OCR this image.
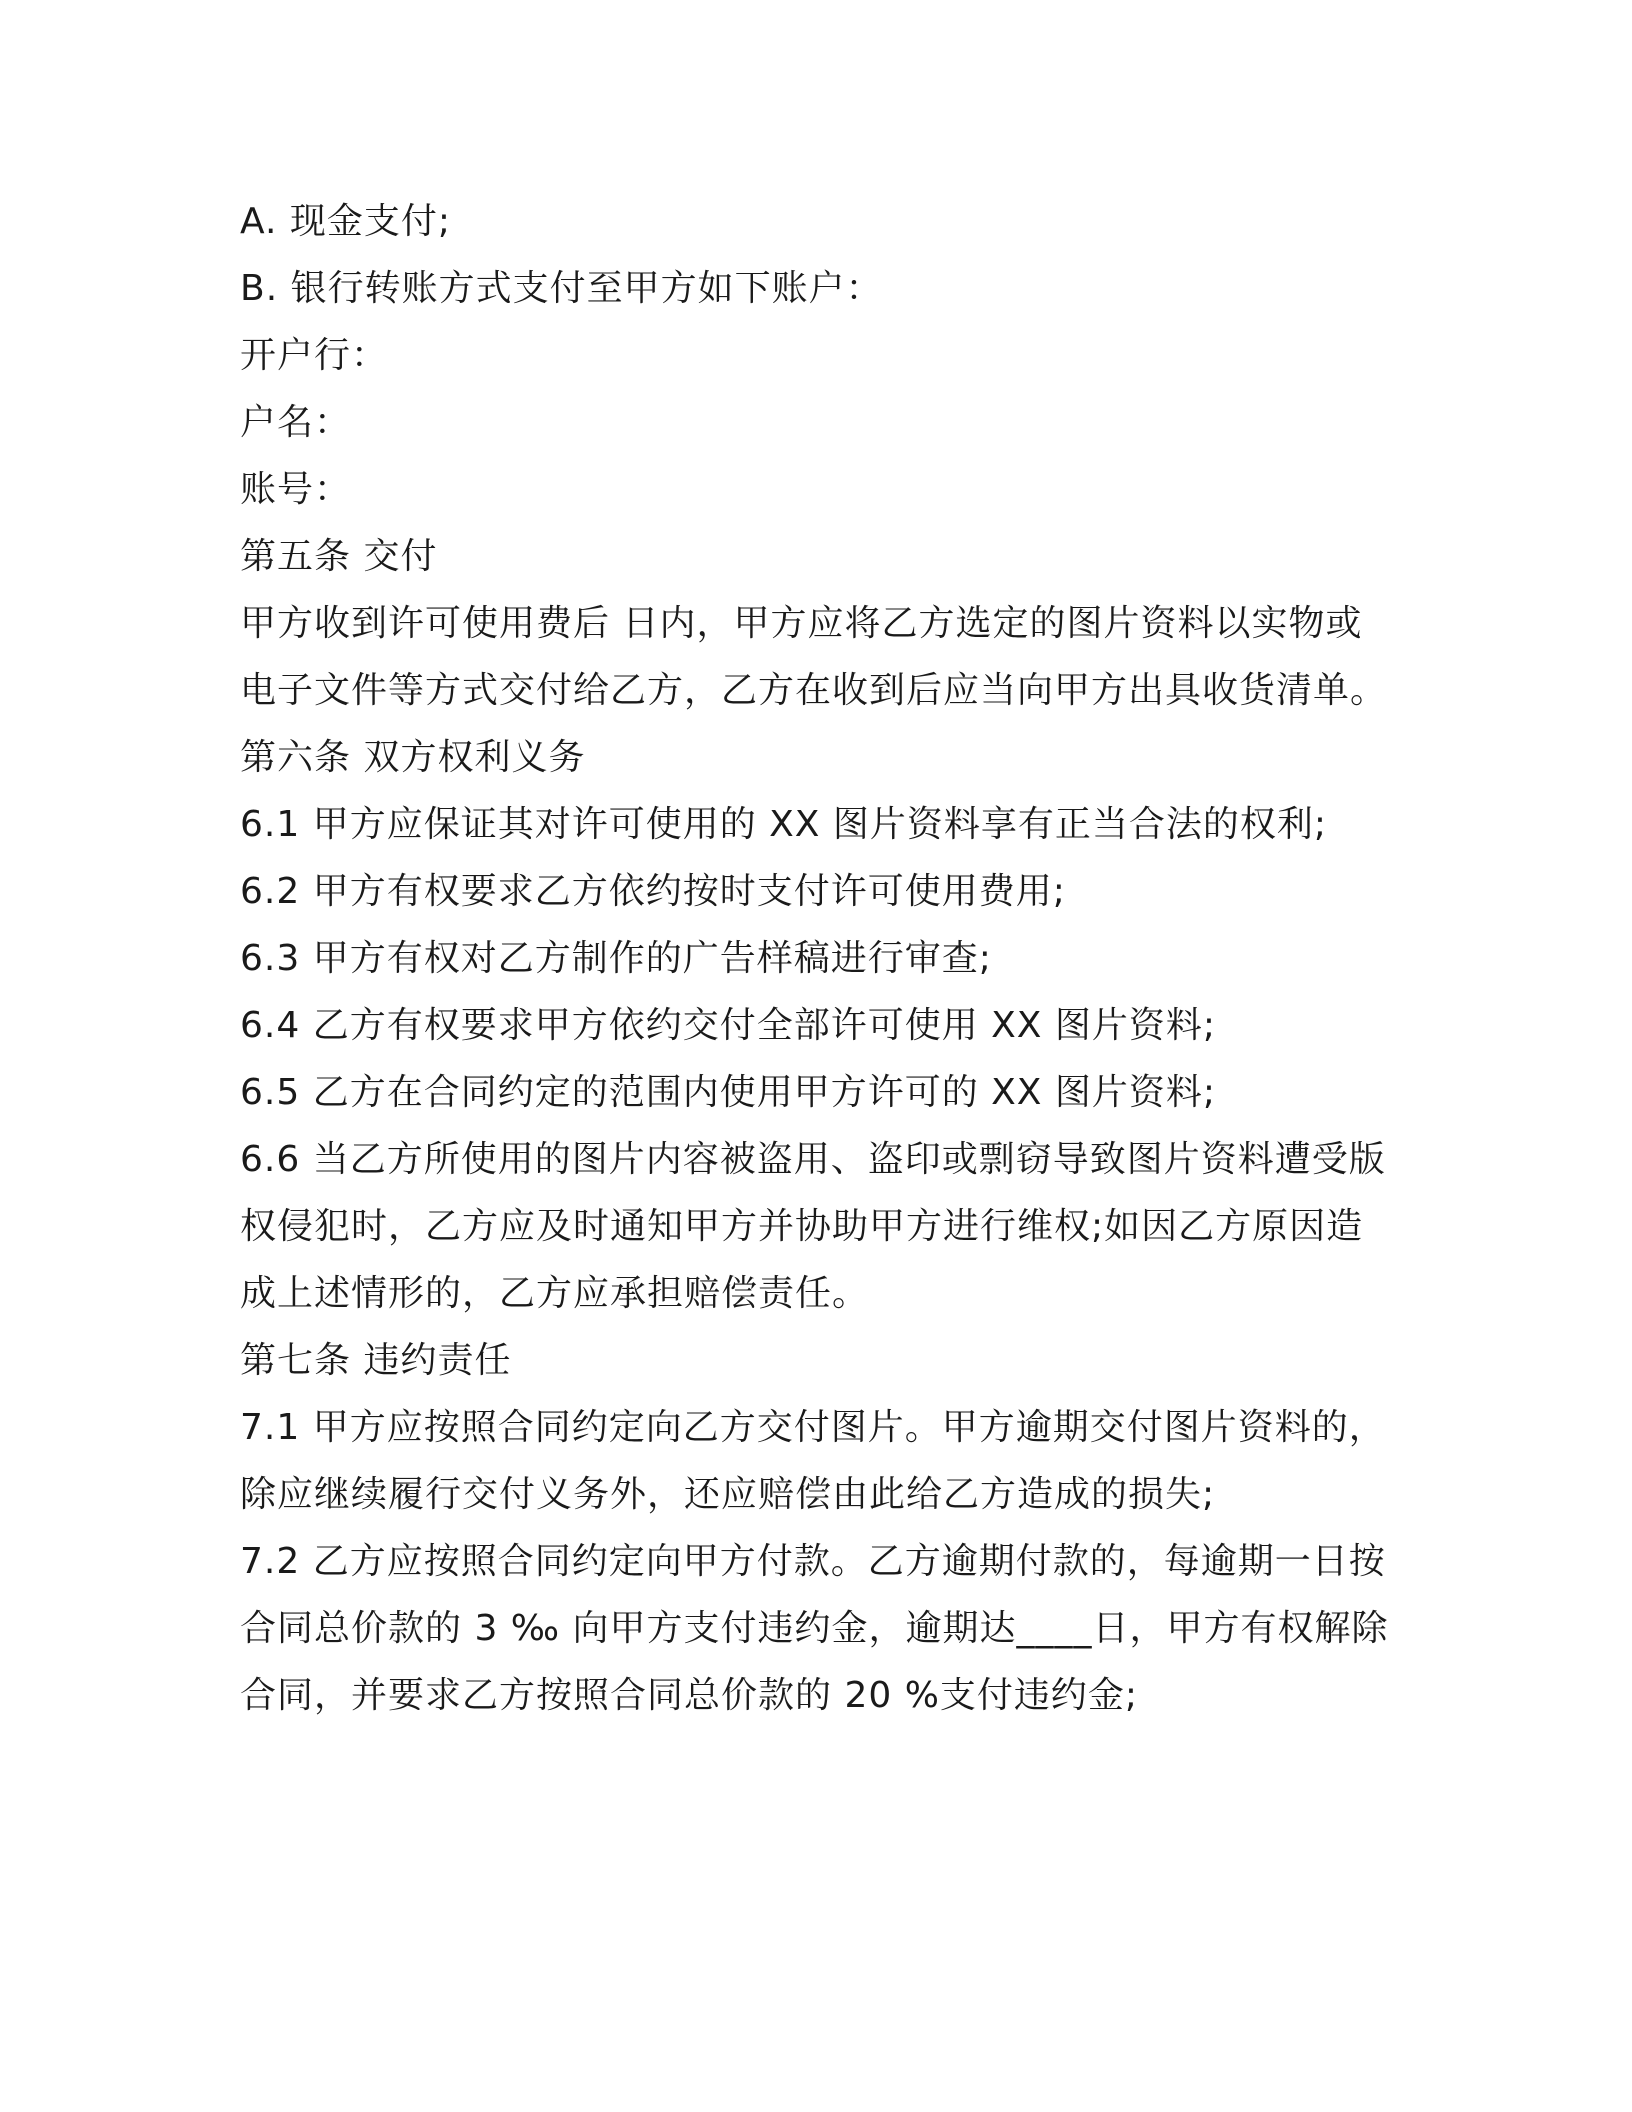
A. 现金支付;
B. 银行转账方式支付至甲方如下账户：
开户行：
户名：
账号：
第五条 交付
甲方收到许可使用费后 日内，甲方应将乙方选定的图片资料以实物或
电子文件等方式交付给乙方，乙方在收到后应当向甲方出具收货清单。
第六条 双方权利义务
6.1 甲方应保证其对许可使用的 XX 图片资料享有正当合法的权利;
6.2 甲方有权要求乙方依约按时支付许可使用费用;
6.3 甲方有权对乙方制作的广告样稿进行审查;
6.4 乙方有权要求甲方依约交付全部许可使用 XX 图片资料;
6.5 乙方在合同约定的范围内使用甲方许可的 XX 图片资料;
6.6 当乙方所使用的图片内容被盗用、盗印或剽窃导致图片资料遭受版
权侵犯时，乙方应及时通知甲方并协助甲方进行维权;如因乙方原因造
成上述情形的，乙方应承担赔偿责任。
第七条 违约责任
7.1 甲方应按照合同约定向乙方交付图片。甲方逾期交付图片资料的，
除应继续履行交付义务外，还应赔偿由此给乙方造成的损失;
7.2 乙方应按照合同约定向甲方付款。乙方逾期付款的，每逾期一日按
合同总价款的 3 ‰ 向甲方支付违约金，逾期达____日，甲方有权解除
合同，并要求乙方按照合同总价款的 20 %支付违约金;
